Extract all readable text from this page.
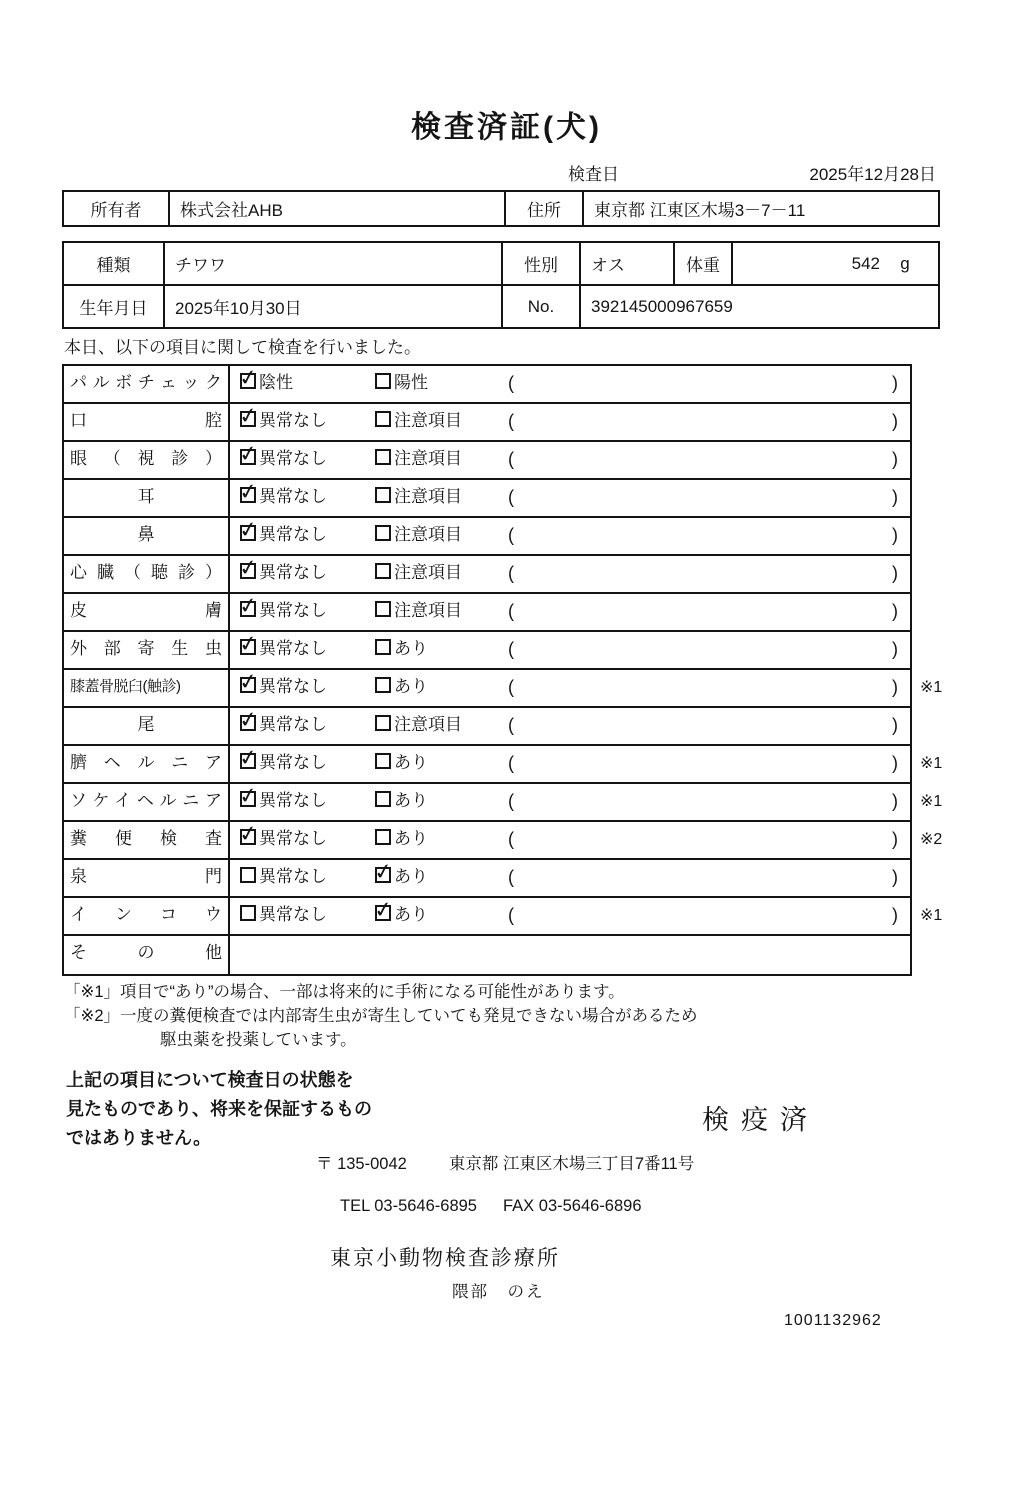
検査済証(犬)
検査日	2025年12月28日
所有者	株式会社AHB	住所	東京都 江東区木場3－7－11
種類	チワワ	性別	オス	体重	542	g
生年月日	2025年10月30日	No.	392145000967659
本日、以下の項目に関して検査を行いました。
パルボチェック ✓ 陰性	陽性	(	)
口腔 ✓ 異常なし	注意項目	(	)
眼（視診） ✓ 異常なし	注意項目	(	)
耳	✓ 異常なし	注意項目	(	)
鼻	✓ 異常なし	注意項目	(	)
心臓（聴診） ✓ 異常なし	注意項目	(	)
皮膚 ✓ 異常なし	注意項目	(	)
外部寄生虫 ✓ 異常なし	あり	(	)
膝蓋骨脱臼(触診)	✓ 異常なし	あり	(	) ※1
尾	✓ 異常なし	注意項目	(	)
臍ヘルニア ✓ 異常なし	あり	(	) ※1
ソケイヘルニア ✓ 異常なし	あり	(	) ※1
糞便検査 ✓ 異常なし	あり	(	) ※2
泉門	異常なし ✓ あり	(	)
インコウ	異常なし ✓ あり	(	) ※1
その他
「※1」項目で“あり”の場合、一部は将来的に手術になる可能性があります。
「※2」一度の糞便検査では内部寄生虫が寄生していても発見できない場合があるため
駆虫薬を投薬しています。
上記の項目について検査日の状態を
見たものであり、将来を保証するもの
ではありません。
検疫済
〒 135-0042	東京都 江東区木場三丁目7番11号
TEL 03-5646-6895 FAX 03-5646-6896
東京小動物検査診療所
隈部　のえ
1001132962
